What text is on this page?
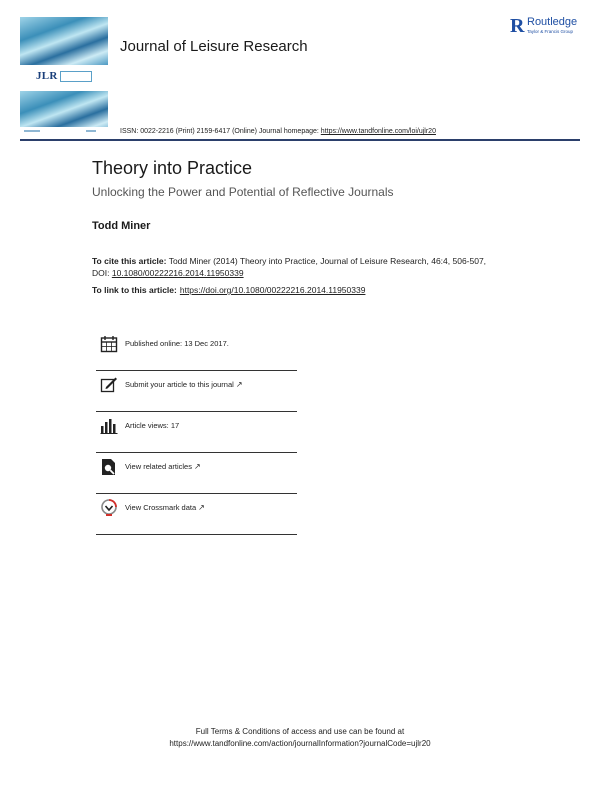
JLR
Journal of Leisure Research
R Routledge
Taylor & Francis Group
ISSN: 0022-2216 (Print) 2159-6417 (Online) Journal homepage: https://www.tandfonline.com/loi/ujlr20
Theory into Practice
Unlocking the Power and Potential of Reflective Journals
Todd Miner
To cite this article: Todd Miner (2014) Theory into Practice, Journal of Leisure Research, 46:4, 506-507, DOI: 10.1080/00222216.2014.11950339
To link to this article: https://doi.org/10.1080/00222216.2014.11950339
Published online: 13 Dec 2017.
Submit your article to this journal ↗
Article views: 17
View related articles ↗
View Crossmark data ↗
Full Terms & Conditions of access and use can be found at
https://www.tandfonline.com/action/journalInformation?journalCode=ujlr20
